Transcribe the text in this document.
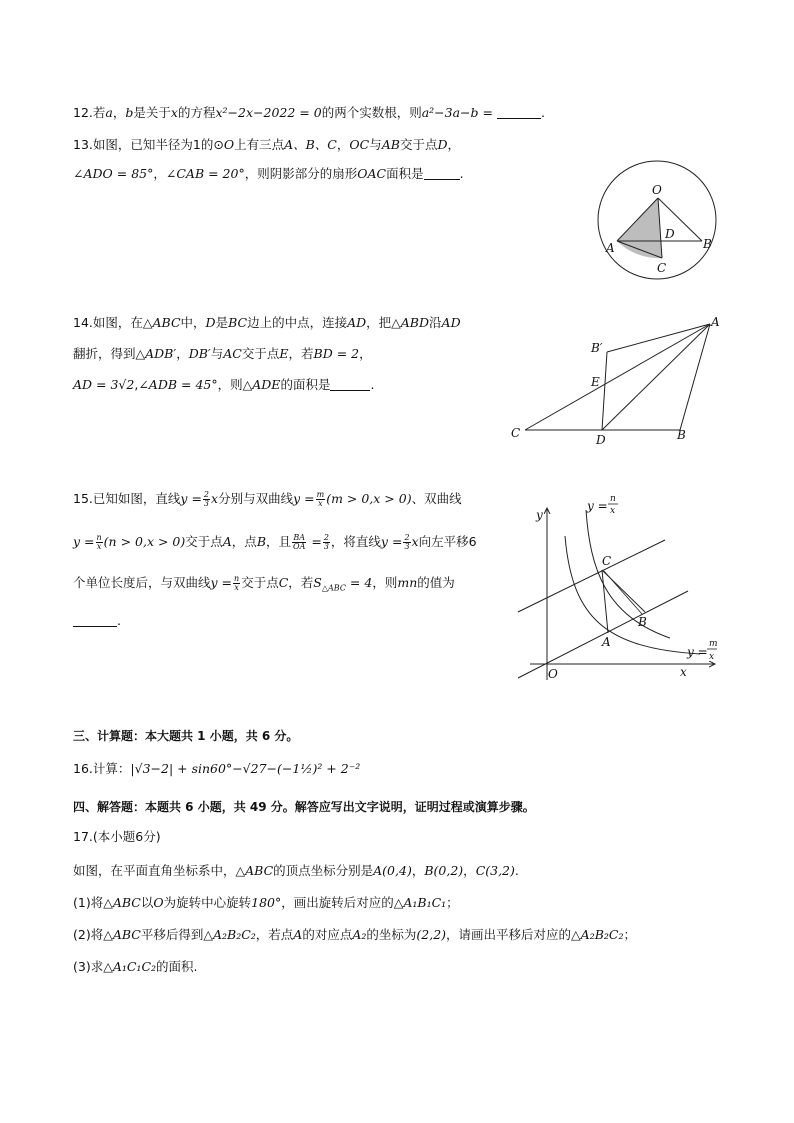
12.若a，b是关于x的方程x²−2x−2022 = 0的两个实数根，则a²−3a−b =	.
13.如图，已知半径为1的⊙O上有三点A、B、C，OC与AB交于点D，
∠ADO = 85°，∠CAB = 20°，则阴影部分的扇形OAC面积是	.
O
A	B
C
D
14.如图，在△ABC中，D是BC边上的中点，连接AD，把△ABD沿AD
翻折，得到△ADB′，DB′与AC交于点E，若BD = 2，
AD = 3√2,∠ADB = 45°，则△ADE的面积是	.
A
B′
E
C	D	B
15.已知如图，直线$y = \frac{2}{3}$ x分别与双曲线$y = \frac{m}{x} (m > 0,x > 0)$、双曲线
$y = \frac{n}{x} (n > 0,x > 0)$交于点A，点B，且 $\frac{BA}{OA} = \frac{2}{3}$ ，将直线$y = \frac{2}{3}$ x向左平移6
个单位长度后，与双曲线$y = \frac{n}{x}$ 交于点C，若$S_{\triangle ABC} = 4$，则mn的值为
.
y
x
O
y = n
x
y =
m
x
C
B
A
三、计算题：本大题共 1 小题，共 6 分。
16.计算：|√3−2| + sin60°−√27−(−1½)² + 2⁻²
四、解答题：本题共 6 小题，共 49 分。解答应写出文字说明，证明过程或演算步骤。
17.(本小题6分)
如图，在平面直角坐标系中，△ABC的顶点坐标分别是A(0,4)，B(0,2)，C(3,2).
(1)将△ABC以O为旋转中心旋转180°，画出旋转后对应的△A₁B₁C₁；
(2)将△ABC平移后得到△A₂B₂C₂，若点A的对应点A₂的坐标为(2,2)，请画出平移后对应的△A₂B₂C₂；
(3)求△A₁C₁C₂的面积.
